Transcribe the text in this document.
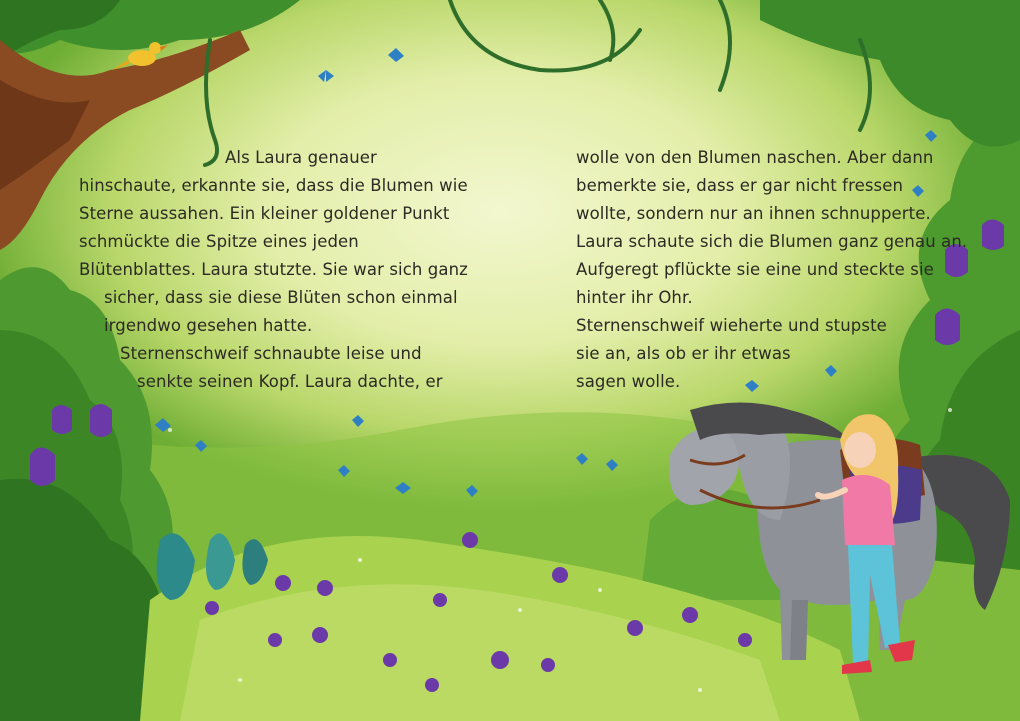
Als Laura genauer

hinschaute, erkannte sie, dass die Blumen wie

Sterne aussahen. Ein kleiner goldener Punkt

schmückte die Spitze eines jeden

Blütenblattes. Laura stutzte. Sie war sich ganz

sicher, dass sie diese Blüten schon einmal

irgendwo gesehen hatte.

Sternenschweif schnaubte leise und

senkte seinen Kopf. Laura dachte, er

wolle von den Blumen naschen. Aber dann

bemerkte sie, dass er gar nicht fressen

wollte, sondern nur an ihnen schnupperte.

Laura schaute sich die Blumen ganz genau an.

Aufgeregt pflückte sie eine und steckte sie

hinter ihr Ohr.

Sternenschweif wieherte und stupste

sie an, als ob er ihr etwas

sagen wolle.
